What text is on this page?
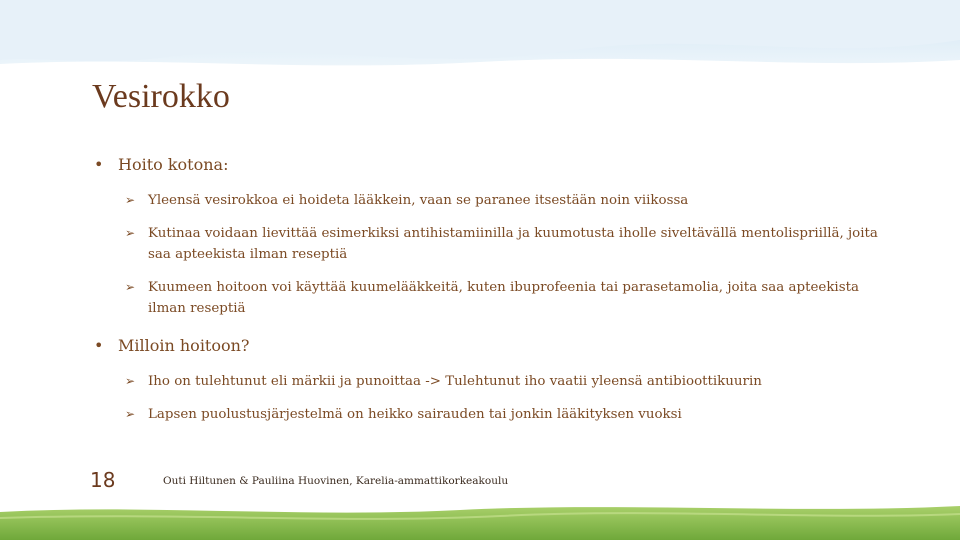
Vesirokko
• Hoito kotona:
➢ Yleensä vesirokkoa ei hoideta lääkkein, vaan se paranee itsestään noin viikossa
➢ Kutinaa voidaan lievittää esimerkiksi antihistamiinilla ja kuumotusta iholle siveltävällä mentolispriillä, joita saa apteekista ilman reseptiä
➢ Kuumeen hoitoon voi käyttää kuumelääkkeitä, kuten ibuprofeenia tai parasetamolia, joita saa apteekista ilman reseptiä
• Milloin hoitoon?
➢ Iho on tulehtunut eli märkii ja punoittaa -> Tulehtunut iho vaatii yleensä antibioottikuurin
➢ Lapsen puolustusjärjestelmä on heikko sairauden tai jonkin lääkityksen vuoksi
18	Outi Hiltunen & Pauliina Huovinen, Karelia-ammattikorkeakoulu
